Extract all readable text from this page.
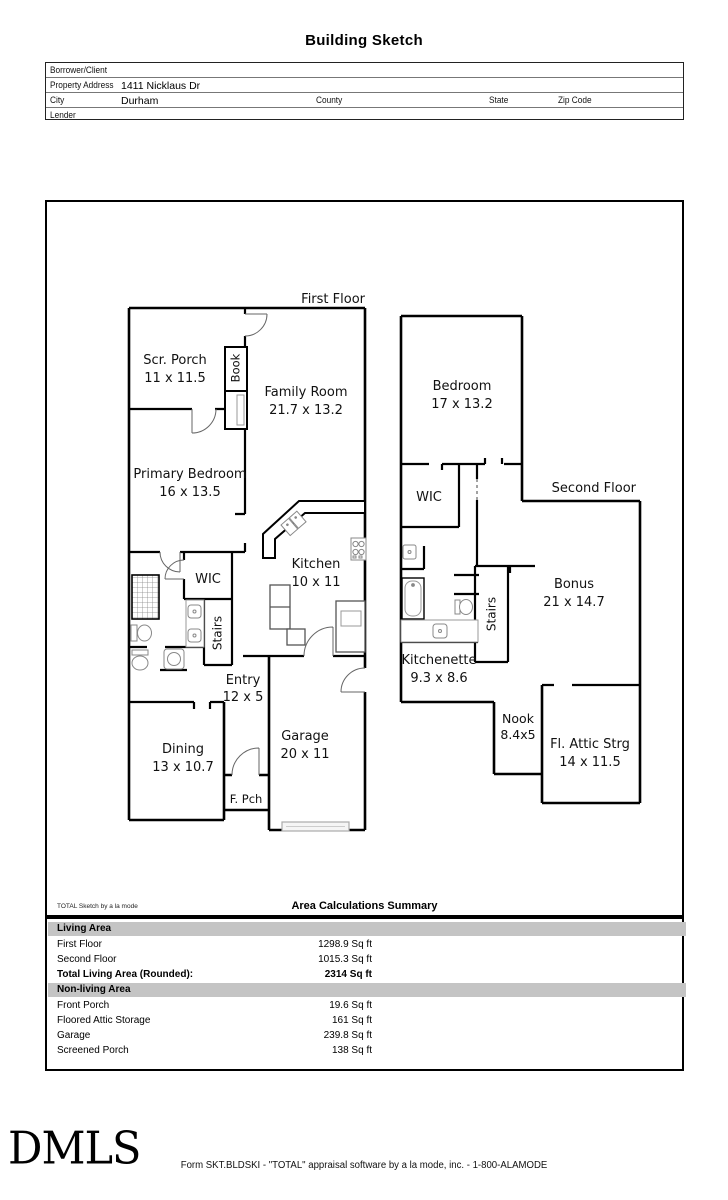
Building Sketch
Borrower/Client
Property Address 1411 Nicklaus Dr
City	Durham	County	State	Zip Code
Lender
First Floor
Scr. Porch
11 x 11.5 Book
Family Room
21.7 x 13.2
Primary Bedroom
16 x 13.5
WIC
Stairs
Kitchen
10 x 11
Entry
12 x 5
Dining
13 x 10.7
Garage
20 x 11
F. Pch
Second Floor
Bedroom
17 x 13.2
WIC
Bonus
21 x 14.7
Stairs
Kitchenette
9.3 x 8.6
Nook
8.4x5
Fl. Attic Strg
14 x 11.5
TOTAL Sketch by a la mode	Area Calculations Summary
Living Area
First Floor	1298.9 Sq ft
Second Floor	1015.3 Sq ft
Total Living Area (Rounded):	2314 Sq ft
Non-living Area
Front Porch	19.6 Sq ft
Floored Attic Storage	161 Sq ft
Garage	239.8 Sq ft
Screened Porch	138 Sq ft
DMLS	Form SKT.BLDSKI - "TOTAL" appraisal software by a la mode, inc. - 1-800-ALAMODE
